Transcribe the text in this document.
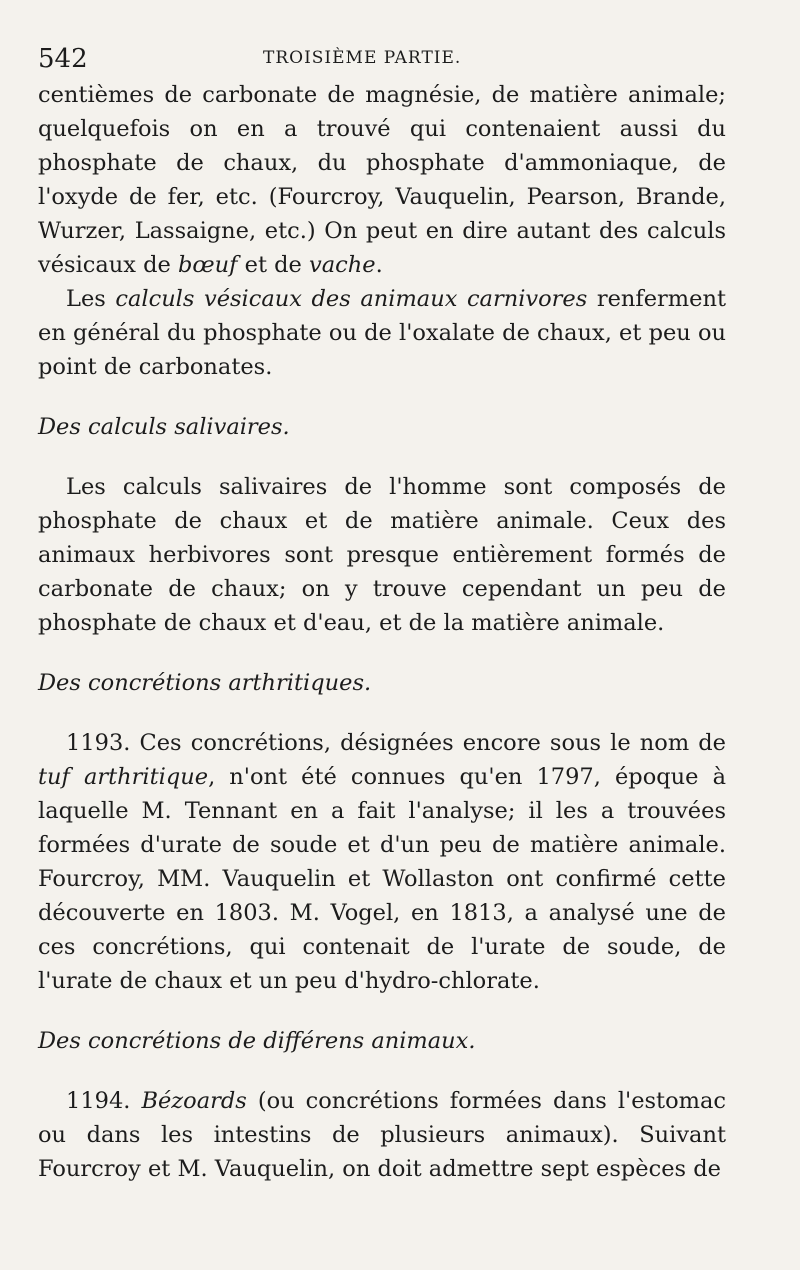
542	TROISIÈME PARTIE.

centièmes de carbonate de magnésie, de matière animale; quelquefois on en a trouvé qui contenaient aussi du phosphate de chaux, du phosphate d'ammoniaque, de l'oxyde de fer, etc. (Fourcroy, Vauquelin, Pearson, Brande, Wurzer, Lassaigne, etc.) On peut en dire autant des calculs vésicaux de bœuf et de vache.

Les calculs vésicaux des animaux carnivores renferment en général du phosphate ou de l'oxalate de chaux, et peu ou point de carbonates.

Des calculs salivaires.

Les calculs salivaires de l'homme sont composés de phosphate de chaux et de matière animale. Ceux des animaux herbivores sont presque entièrement formés de carbonate de chaux; on y trouve cependant un peu de phosphate de chaux et d'eau, et de la matière animale.

Des concrétions arthritiques.

1193. Ces concrétions, désignées encore sous le nom de tuf arthritique, n'ont été connues qu'en 1797, époque à laquelle M. Tennant en a fait l'analyse; il les a trouvées formées d'urate de soude et d'un peu de matière animale. Fourcroy, MM. Vauquelin et Wollaston ont confirmé cette découverte en 1803. M. Vogel, en 1813, a analysé une de ces concrétions, qui contenait de l'urate de soude, de l'urate de chaux et un peu d'hydro-chlorate.

Des concrétions de différens animaux.

1194. Bézoards (ou concrétions formées dans l'estomac ou dans les intestins de plusieurs animaux). Suivant Fourcroy et M. Vauquelin, on doit admettre sept espèces de
